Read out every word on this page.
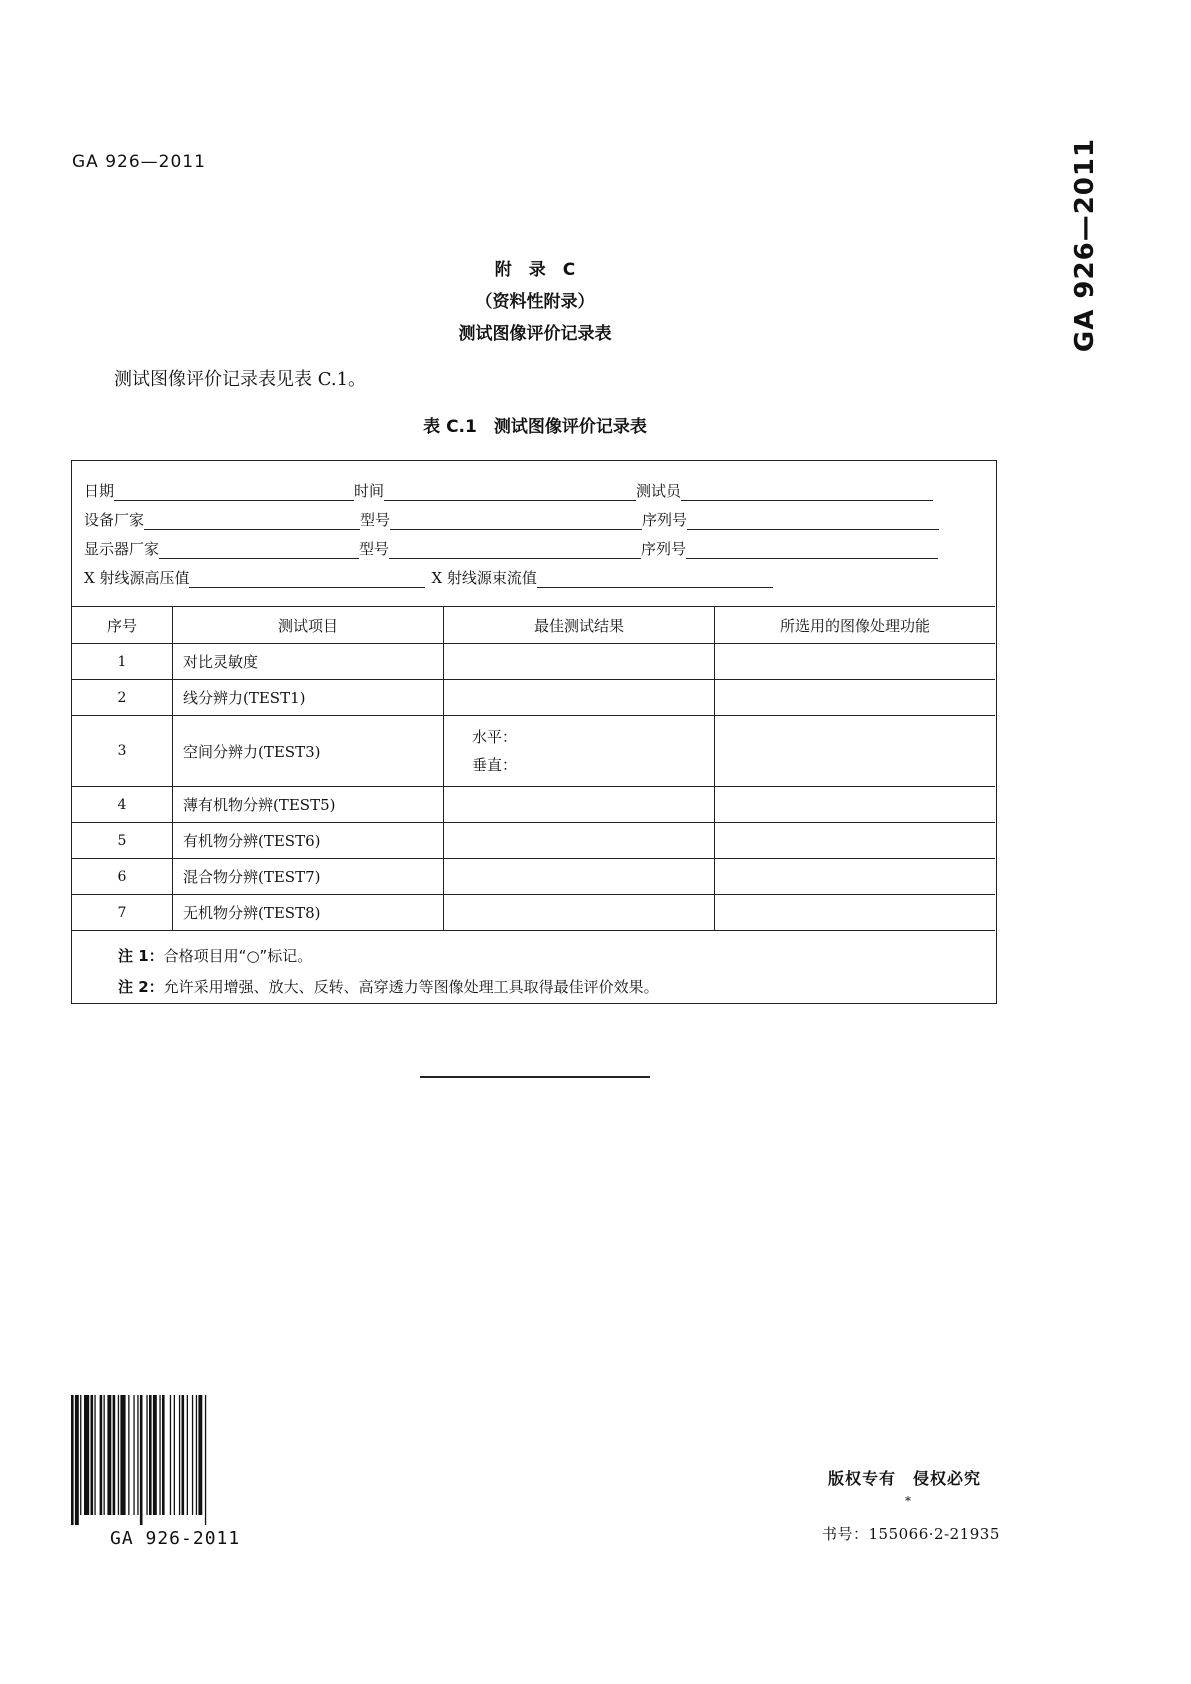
GA 926—2011	GA 926—2011
附　录　C
（资料性附录）
测试图像评价记录表
测试图像评价记录表见表 C.1。
表 C.1　测试图像评价记录表
日期	时间	测试员
设备厂家	型号	序列号
显示器厂家	型号	序列号
X 射线源高压值	X 射线源束流值
序号	测试项目	最佳测试结果	所选用的图像处理功能
1	对比灵敏度		
2	线分辨力(TEST1)		
3	空间分辨力(TEST3)	水平：
垂直：	

4	薄有机物分辨(TEST5)		
5	有机物分辨(TEST6)		
6	混合物分辨(TEST7)		
7	无机物分辨(TEST8)		
注 1：合格项目用“○”标记。
注 2：允许采用增强、放大、反转、高穿透力等图像处理工具取得最佳评价效果。
GA 926-2011
版权专有　侵权必究
*
书号：155066·2-21935
